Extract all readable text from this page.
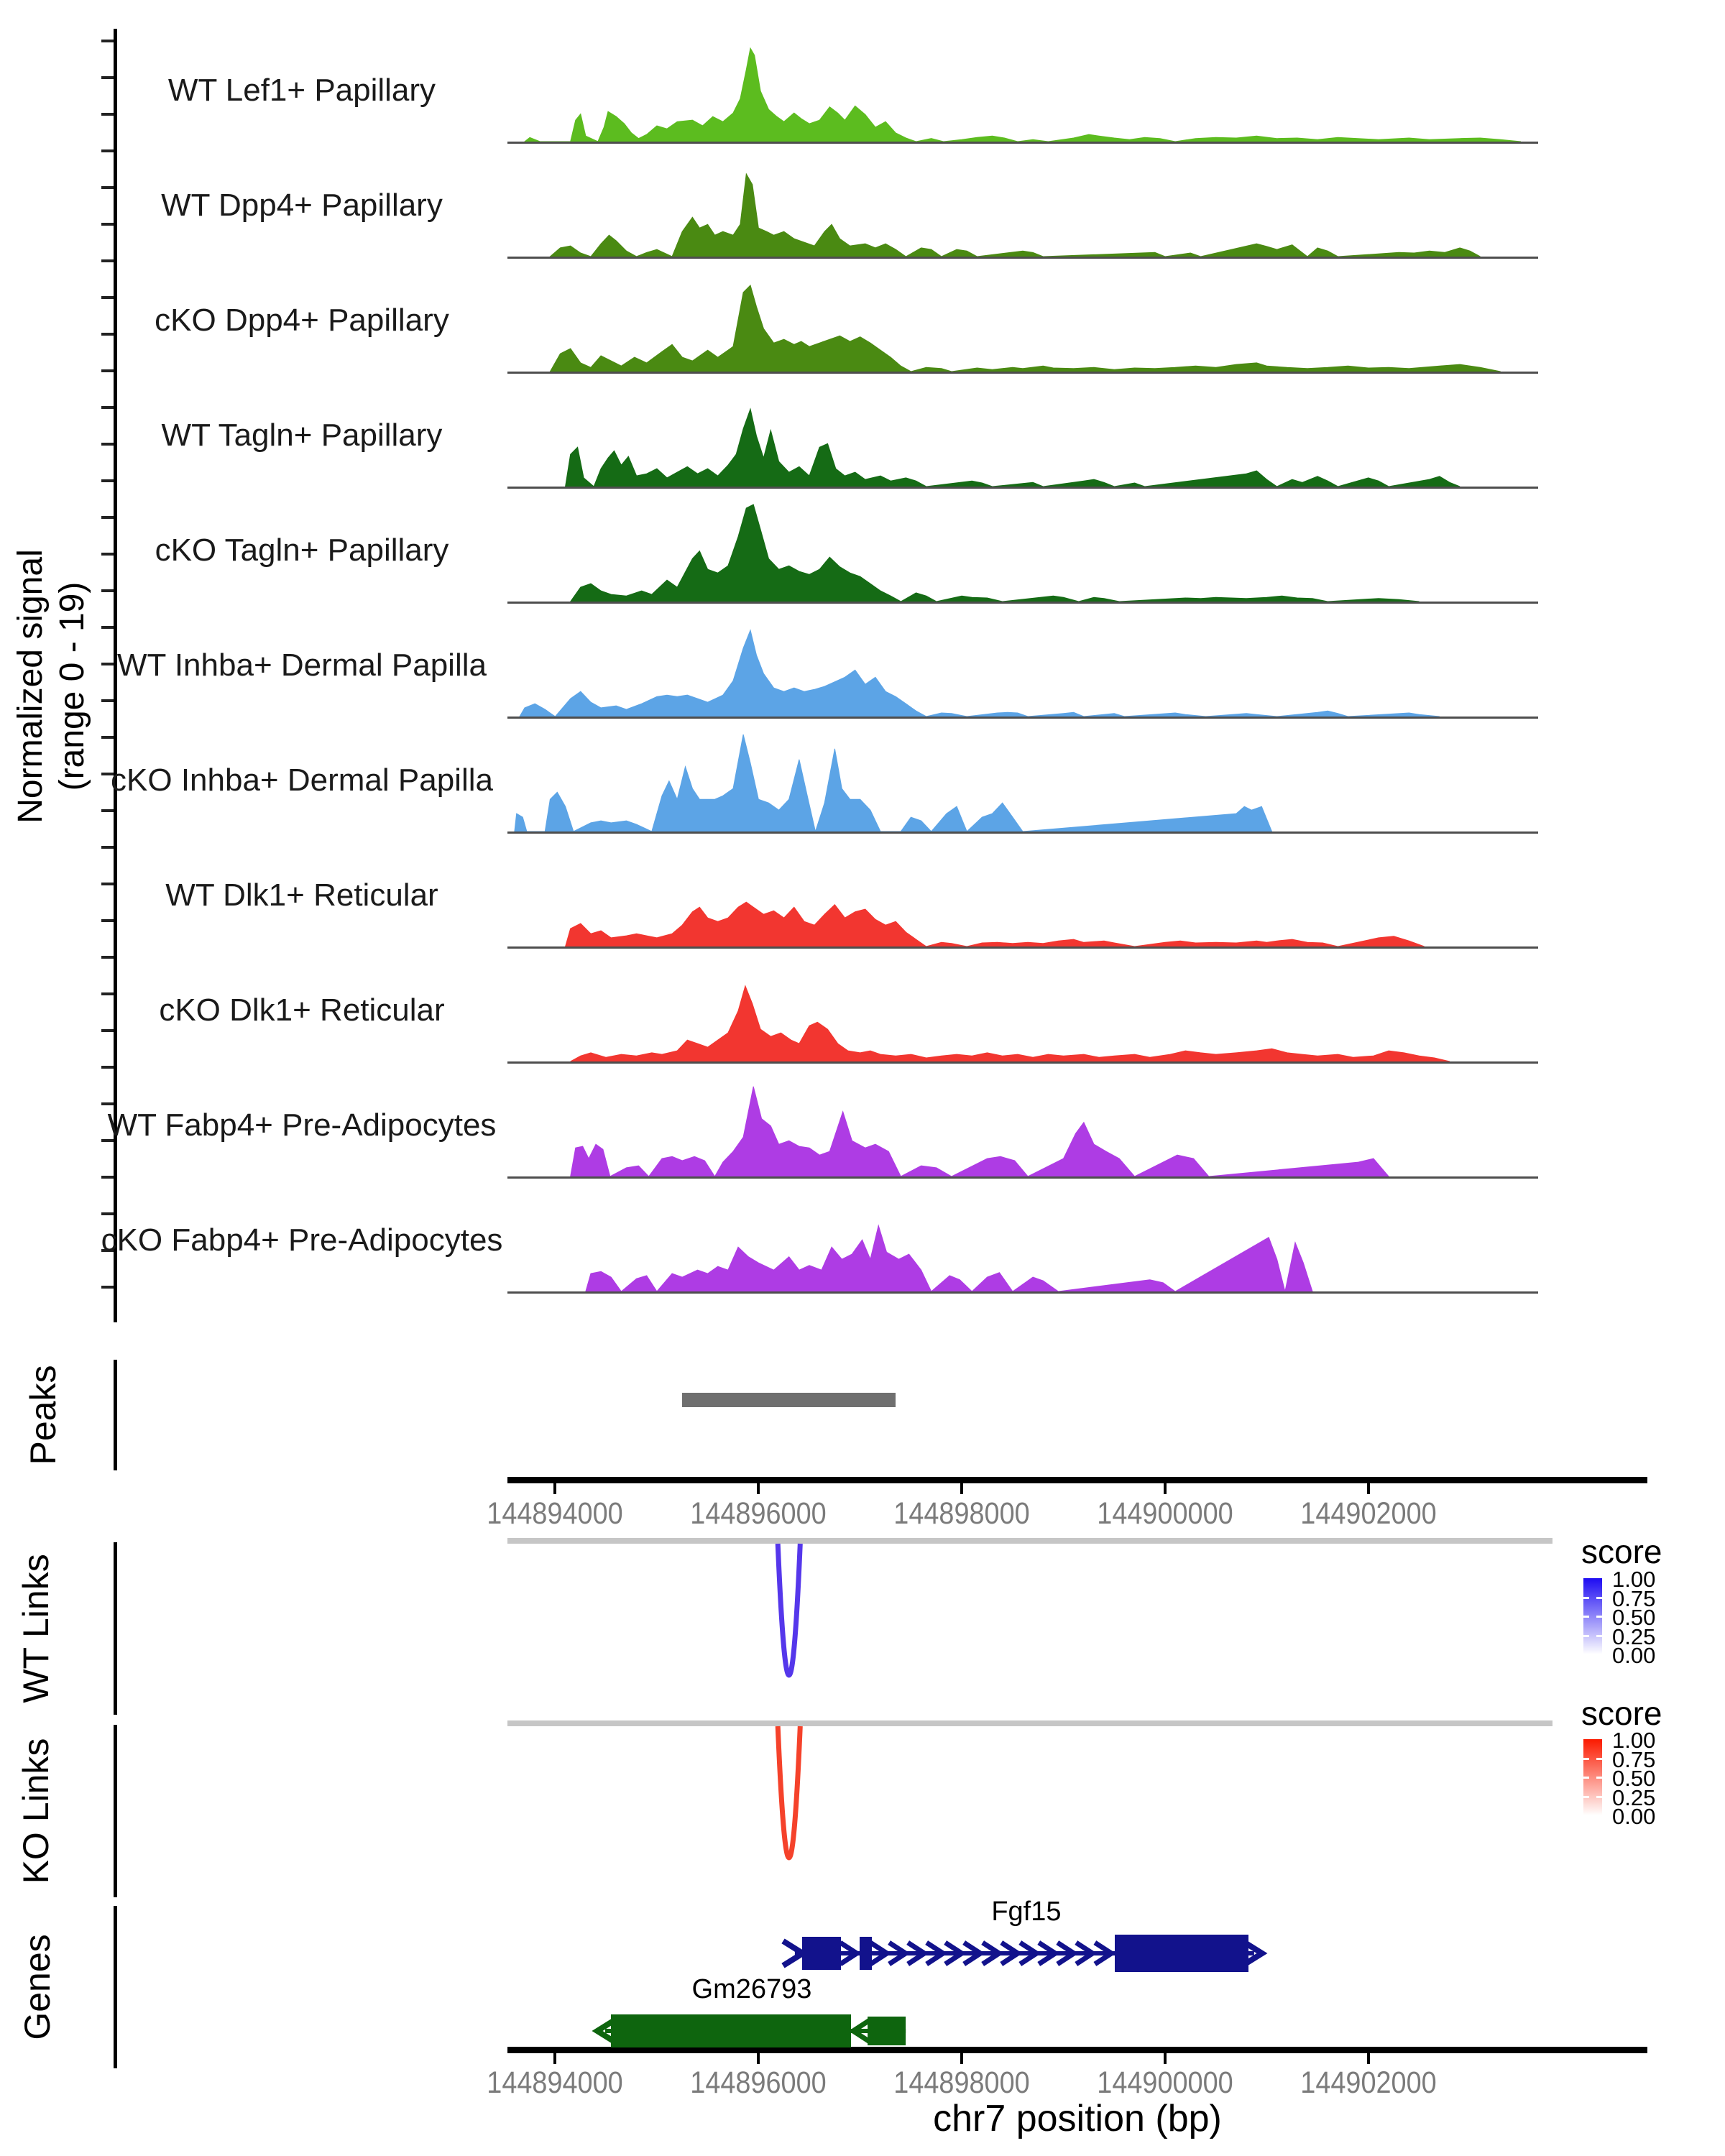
Normalized signal (range 0 - 19)
WT Lef1+ Papillary
WT Dpp4+ Papillary
cKO Dpp4+ Papillary
WT Tagln+ Papillary
cKO Tagln+ Papillary
WT Inhba+ Dermal Papilla
cKO Inhba+ Dermal Papilla
WT Dlk1+ Reticular
cKO Dlk1+ Reticular
WT Fabp4+ Pre-Adipocytes
cKO Fabp4+ Pre-Adipocytes
Peaks
144894000	144896000	144898000	144900000	144902000
WT Links
KO Links
score
1.00
0.75
0.50
0.25
0.00
score
1.00
0.75
0.50
0.25
0.00
Genes
144894000	144896000	144898000	144900000	144902000
chr7 position (bp)
Fgf15
Gm26793
